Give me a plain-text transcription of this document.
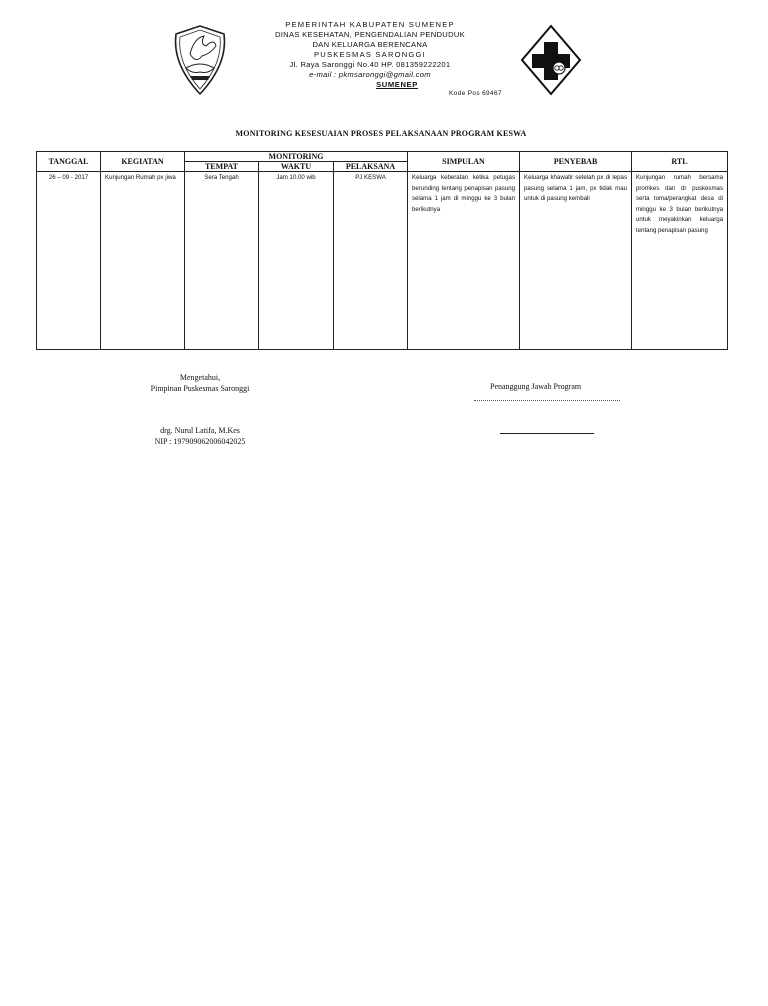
PEMERINTAH KABUPATEN SUMENEP
DINAS KESEHATAN, PENGENDALIAN PENDUDUK
DAN KELUARGA BERENCANA
PUSKESMAS SARONGGI
Jl. Raya Saronggi No.40 HP. 081359222201
e-mail : pkmsaronggi@gmail.com
SUMENEP
Kode Pos 69467
MONITORING KESESUAIAN PROSES PELAKSANAAN PROGRAM KESWA
TANGGAL	KEGIATAN	MONITORING			SIMPULAN	PENYEBAB	RTL
		TEMPAT	WAKTU	PELAKSANA			
26 – 09 - 2017	Kunjungan Rumah px jiwa	Sera Tengah	Jam 10.00 wib	PJ KESWA	Keluarga keberatan ketika petugas berunding tentang penapisan pasung selama 1 jam di minggu ke 3 bulan berikutnya	Keluarga khawatir setelah px di lepas pasung selama 1 jam, px tidak mau untuk di pasung kembali	Kunjungan rumah bersama promkes dan dr puskesmas serta toma/perangkat desa di minggu ke 3 bulan berikutnya untuk meyakinkan keluarga tentang penapisan pasung
Mengetahui,
Pimpinan Puskesmas Saronggi
drg. Nurul Latifa, M.Kes
NIP : 197909062006042025
Penanggung Jawab Program
